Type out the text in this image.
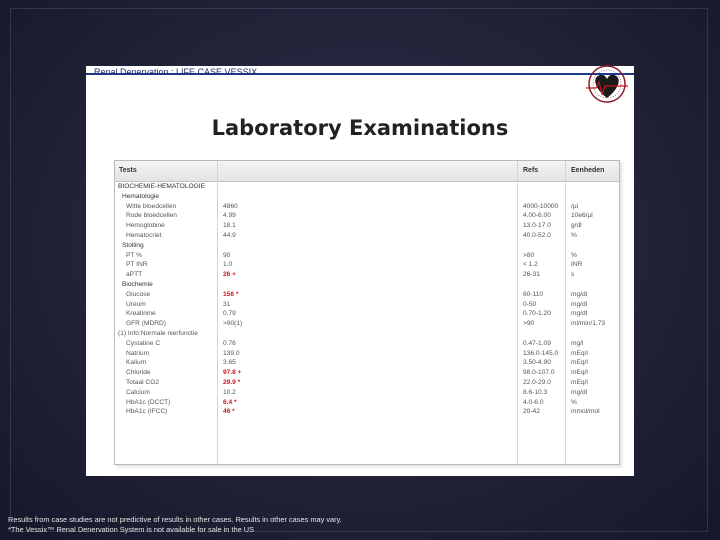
Renal Denervation : LIFE CASE VESSIX
Laboratory Examinations
Tests	Refs	Eenheden
BIOCHEMIE-HEMATOLOGIE
Hematologie
Witte bloedcellen	4860	4000-10000 /µl
Rode bloedcellen	4.99	4.00-6.00	10e6/µl
Hemoglobine	18.1	13.0-17.0	g/dl
Hematocriet	44.9	40.0-52.0	%
Stolling
PT %	90	>80	%
PT INR	1.0	< 1.2	INR
aPTT	26 +	26-31	s
Biochemie
Glucose	156 *	60-110	mg/dl
Ureum	31	0-50	mg/dl
Kreatinine	0.79	0.70-1.20	mg/dl
GFR (MDRD)	>90(1)	>90	ml/min/1.73
(1) Info:Normale nierfunctie
Cystatine C	0.76	0.47-1.09	mg/l
Natrium	139.0	136.0-145.0 mEq/l
Kalium	3.65	3.50-4.90	mEq/l
Chloride	97.8 +	98.0-107.0 mEq/l
Totaal CO2	29.9 *	22.0-29.0	mEq/l
Calcium	10.2	8.6-10.3	mg/dl
HbA1c (DCCT)	6.4 *	4.0-6.0	%
HbA1c (IFCC)	46 *	20-42	mmol/mol
Results from case studies are not predictive of results in other cases. Results in other cases may vary.
*The Vessix™ Renal Denervation System is not available for sale in the US
